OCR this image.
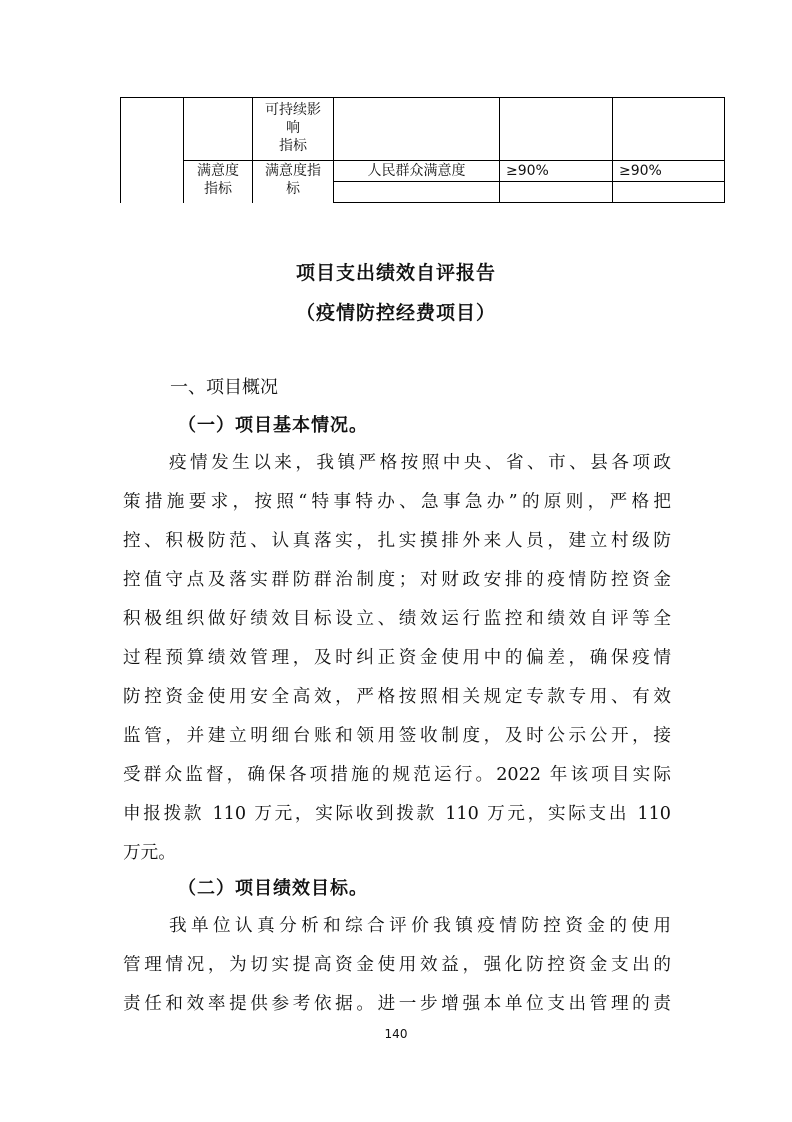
可持续影
响
指标
满意度
指标
满意度指
标
人民群众满意度	≥90%	≥90%
项目支出绩效自评报告
（疫情防控经费项目）
一、项目概况
（一）项目基本情况。
疫情发生以来，我镇严格按照中央、省、市、县各项政
策措施要求，按照“特事特办、急事急办”的原则，严格把
控、积极防范、认真落实，扎实摸排外来人员，建立村级防
控值守点及落实群防群治制度；对财政安排的疫情防控资金
积极组织做好绩效目标设立、绩效运行监控和绩效自评等全
过程预算绩效管理，及时纠正资金使用中的偏差，确保疫情
防控资金使用安全高效，严格按照相关规定专款专用、有效
监管，并建立明细台账和领用签收制度，及时公示公开，接
受群众监督，确保各项措施的规范运行。2022 年该项目实际
申报拨款 110 万元，实际收到拨款 110 万元，实际支出 110
万元。
（二）项目绩效目标。
我单位认真分析和综合评价我镇疫情防控资金的使用
管理情况，为切实提高资金使用效益，强化防控资金支出的
责任和效率提供参考依据。进一步增强本单位支出管理的责
140
